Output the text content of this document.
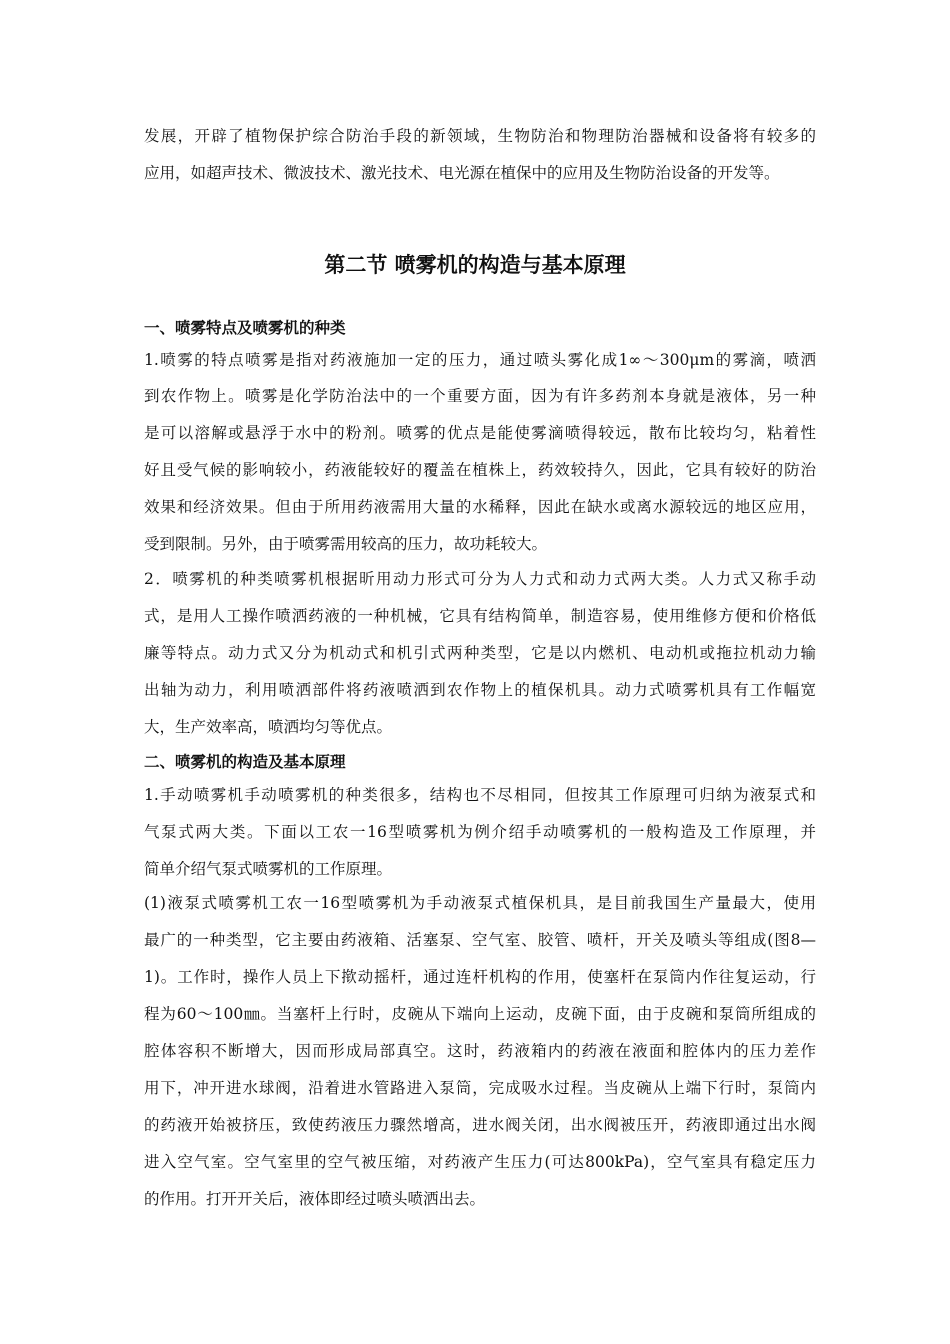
发展，开辟了植物保护综合防治手段的新领域，生物防治和物理防治器械和设备将有较多的
应用，如超声技术、微波技术、激光技术、电光源在植保中的应用及生物防治设备的开发等。
第二节 喷雾机的构造与基本原理
一、喷雾特点及喷雾机的种类
1.喷雾的特点喷雾是指对药液施加一定的压力，通过喷头雾化成1∞～300μm的雾滴，喷洒
到农作物上。喷雾是化学防治法中的一个重要方面，因为有许多药剂本身就是液体，另一种
是可以溶解或悬浮于水中的粉剂。喷雾的优点是能使雾滴喷得较远，散布比较均匀，粘着性
好且受气候的影响较小，药液能较好的覆盖在植株上，药效较持久，因此，它具有较好的防治
效果和经济效果。但由于所用药液需用大量的水稀释，因此在缺水或离水源较远的地区应用，
受到限制。另外，由于喷雾需用较高的压力，故功耗较大。
2．喷雾机的种类喷雾机根据昕用动力形式可分为人力式和动力式两大类。人力式又称手动
式，是用人工操作喷洒药液的一种机械，它具有结构简单，制造容易，使用维修方便和价格低
廉等特点。动力式又分为机动式和机引式两种类型，它是以内燃机、电动机或拖拉机动力输
出轴为动力，利用喷洒部件将药液喷洒到农作物上的植保机具。动力式喷雾机具有工作幅宽
大，生产效率高，喷洒均匀等优点。
二、喷雾机的构造及基本原理
1.手动喷雾机手动喷雾机的种类很多，结构也不尽相同，但按其工作原理可归纳为液泵式和
气泵式两大类。下面以工农一16型喷雾机为例介绍手动喷雾机的一般构造及工作原理，并
简单介绍气泵式喷雾机的工作原理。
(1)液泵式喷雾机工农一16型喷雾机为手动液泵式植保机具，是目前我国生产量最大，使用
最广的一种类型，它主要由药液箱、活塞泵、空气室、胶管、喷杆，开关及喷头等组成(图8—
1)。工作时，操作人员上下揿动摇杆，通过连杆机构的作用，使塞杆在泵筒内作往复运动，行
程为60～100㎜。当塞杆上行时，皮碗从下端向上运动，皮碗下面，由于皮碗和泵筒所组成的
腔体容积不断增大，因而形成局部真空。这时，药液箱内的药液在液面和腔体内的压力差作
用下，冲开进水球阀，沿着进水管路进入泵筒，完成吸水过程。当皮碗从上端下行时，泵筒内
的药液开始被挤压，致使药液压力骤然增高，进水阀关闭，出水阀被压开，药液即通过出水阀
进入空气室。空气室里的空气被压缩，对药液产生压力(可达800kPa)，空气室具有稳定压力
的作用。打开开关后，液体即经过喷头喷洒出去。
